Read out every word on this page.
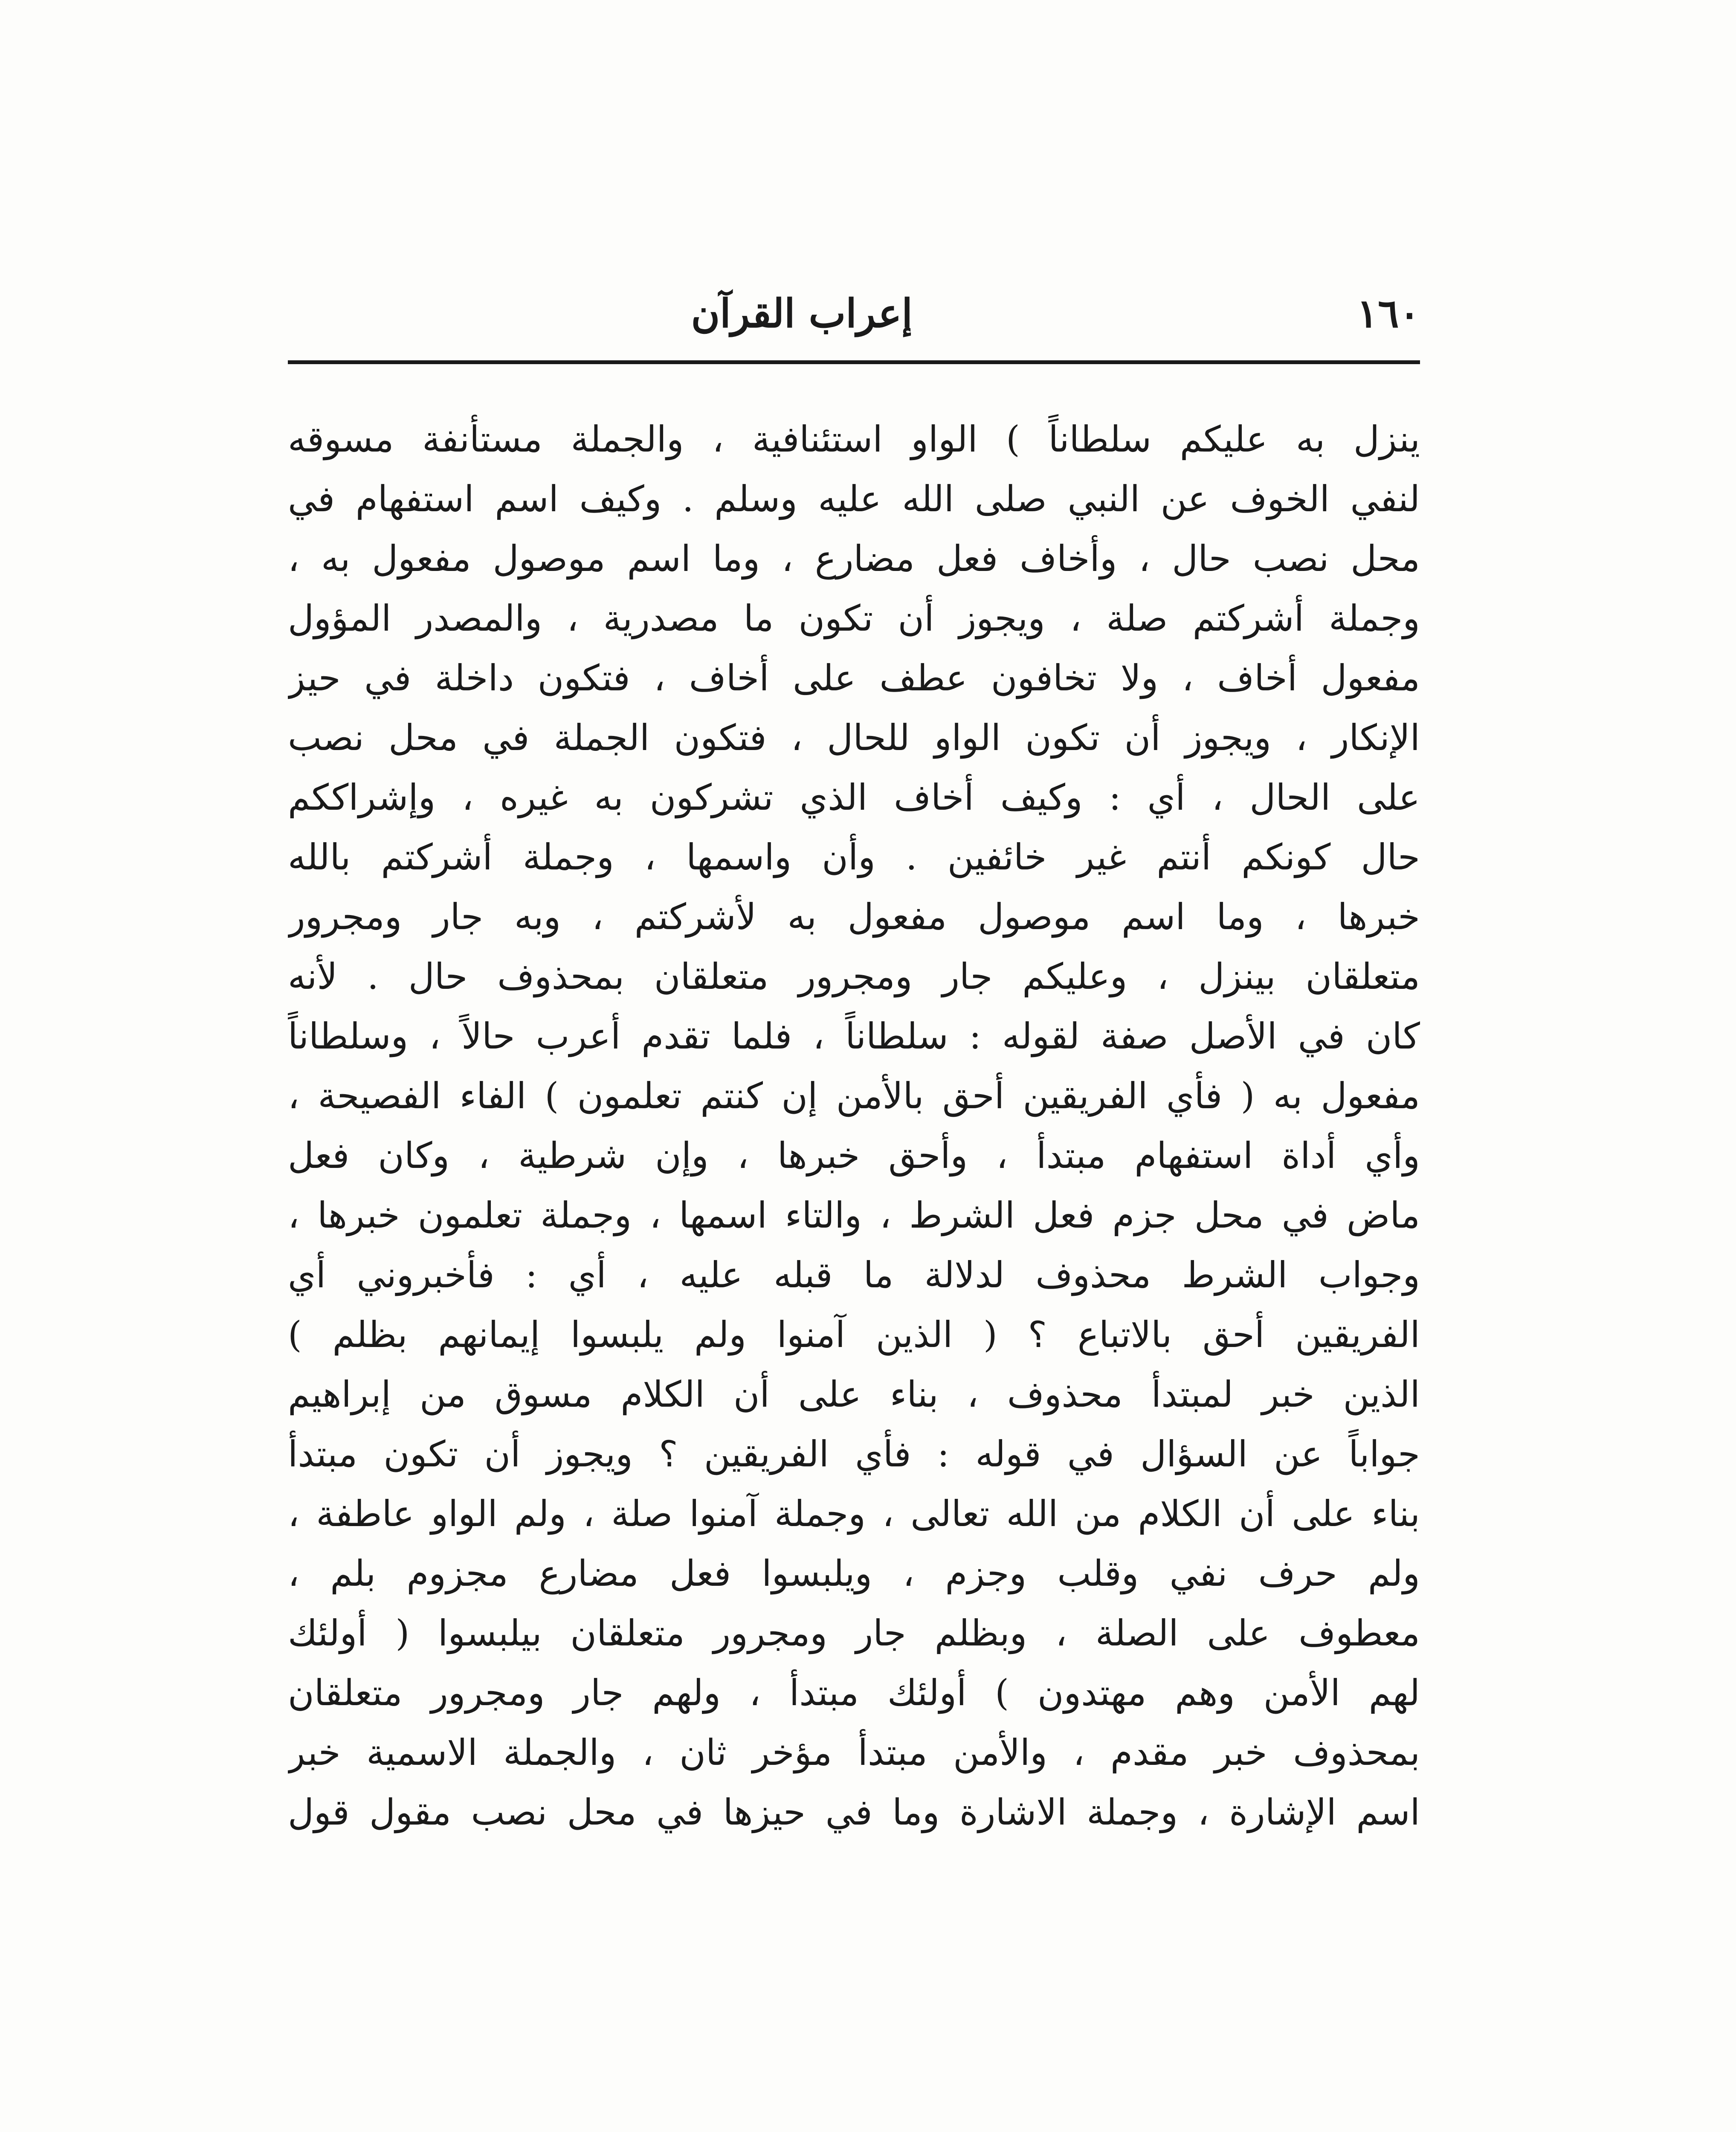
١٦٠
إعراب القرآن
ينزل به عليكم سلطاناً ) الواو استئنافية ، والجملة مستأنفة مسوقه
لنفي الخوف عن النبي صلى الله عليه وسلم . وكيف اسم استفهام في
محل نصب حال ، وأخاف فعل مضارع ، وما اسم موصول مفعول به ،
وجملة أشركتم صلة ، ويجوز أن تكون ما مصدرية ، والمصدر المؤول
مفعول أخاف ، ولا تخافون عطف على أخاف ، فتكون داخلة في حيز
الإنكار ، ويجوز أن تكون الواو للحال ، فتكون الجملة في محل نصب
على الحال ، أي : وكيف أخاف الذي تشركون به غيره ، وإشراككم
حال كونكم أنتم غير خائفين . وأن واسمها ، وجملة أشركتم بالله
خبرها ، وما اسم موصول مفعول به لأشركتم ، وبه جار ومجرور
متعلقان بينزل ، وعليكم جار ومجرور متعلقان بمحذوف حال . لأنه
كان في الأصل صفة لقوله : سلطاناً ، فلما تقدم أعرب حالاً ، وسلطاناً
مفعول به ( فأي الفريقين أحق بالأمن إن كنتم تعلمون ) الفاء الفصيحة ،
وأي أداة استفهام مبتدأ ، وأحق خبرها ، وإن شرطية ، وكان فعل
ماض في محل جزم فعل الشرط ، والتاء اسمها ، وجملة تعلمون خبرها ،
وجواب الشرط محذوف لدلالة ما قبله عليه ، أي : فأخبروني أي
الفريقين أحق بالاتباع ؟ ( الذين آمنوا ولم يلبسوا إيمانهم بظلم )
الذين خبر لمبتدأ محذوف ، بناء على أن الكلام مسوق من إبراهيم
جواباً عن السؤال في قوله : فأي الفريقين ؟ ويجوز أن تكون مبتدأ
بناء على أن الكلام من الله تعالى ، وجملة آمنوا صلة ، ولم الواو عاطفة ،
ولم حرف نفي وقلب وجزم ، ويلبسوا فعل مضارع مجزوم بلم ،
معطوف على الصلة ، وبظلم جار ومجرور متعلقان بيلبسوا ( أولئك
لهم الأمن وهم مهتدون ) أولئك مبتدأ ، ولهم جار ومجرور متعلقان
بمحذوف خبر مقدم ، والأمن مبتدأ مؤخر ثان ، والجملة الاسمية خبر
اسم الإشارة ، وجملة الاشارة وما في حيزها في محل نصب مقول قول
